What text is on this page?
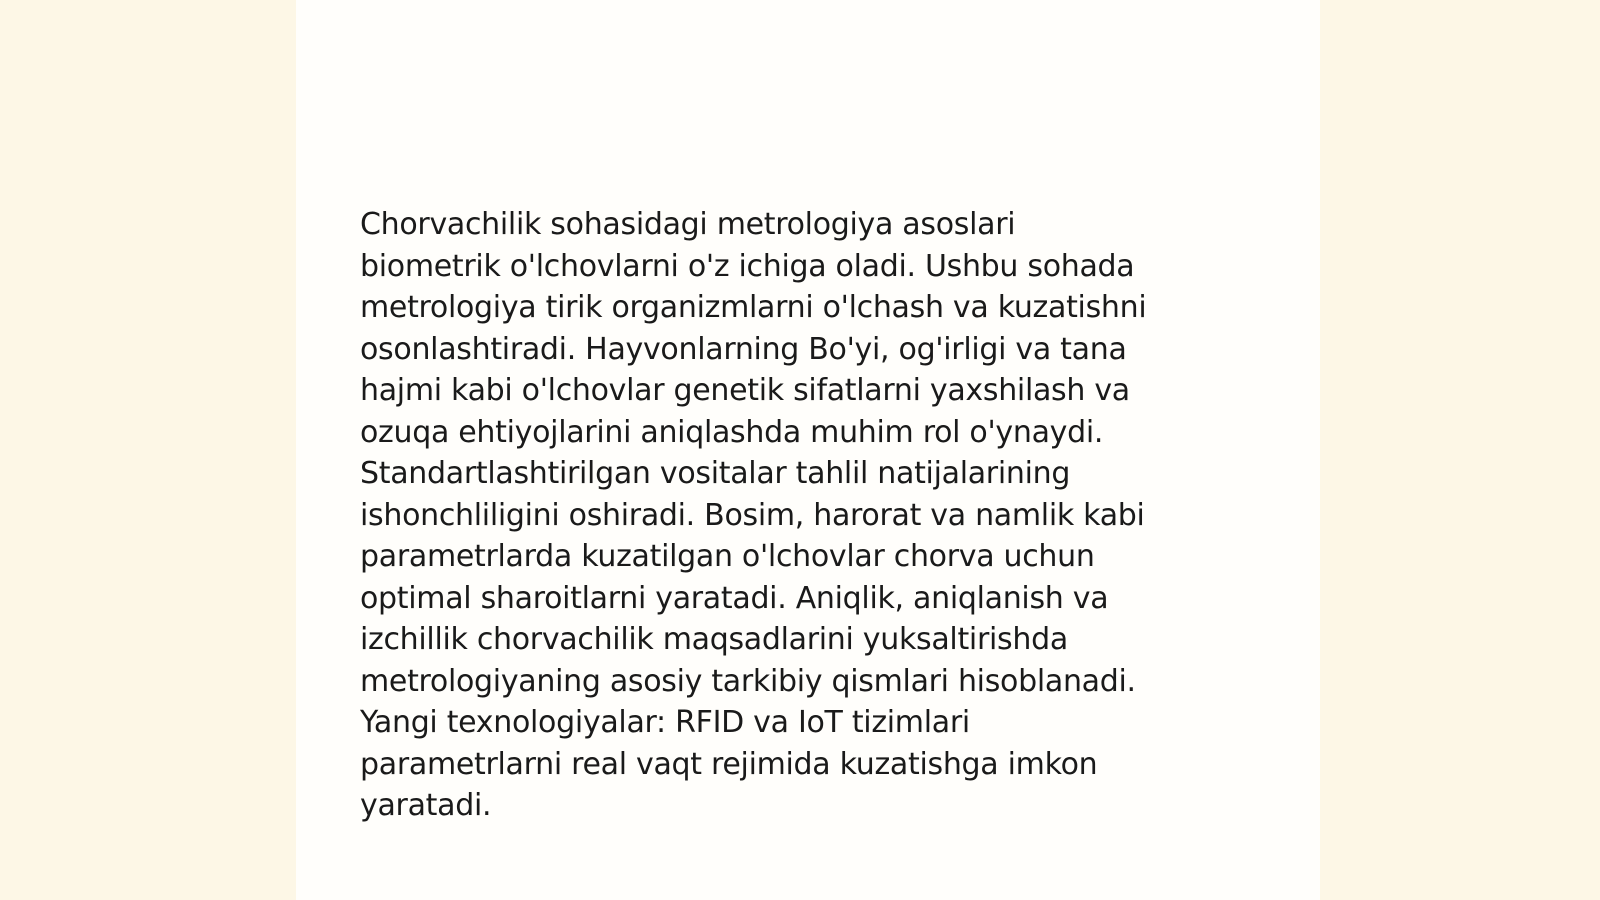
Chorvachilik sohasidagi metrologiya asoslari
biometrik o'lchovlarni o'z ichiga oladi. Ushbu sohada
metrologiya tirik organizmlarni o'lchash va kuzatishni
osonlashtiradi. Hayvonlarning Bo'yi, og'irligi va tana
hajmi kabi o'lchovlar genetik sifatlarni yaxshilash va
ozuqa ehtiyojlarini aniqlashda muhim rol o'ynaydi.
Standartlashtirilgan vositalar tahlil natijalarining
ishonchliligini oshiradi. Bosim, harorat va namlik kabi
parametrlarda kuzatilgan o'lchovlar chorva uchun
optimal sharoitlarni yaratadi. Aniqlik, aniqlanish va
izchillik chorvachilik maqsadlarini yuksaltirishda
metrologiyaning asosiy tarkibiy qismlari hisoblanadi.
Yangi texnologiyalar: RFID va IoT tizimlari
parametrlarni real vaqt rejimida kuzatishga imkon
yaratadi.
